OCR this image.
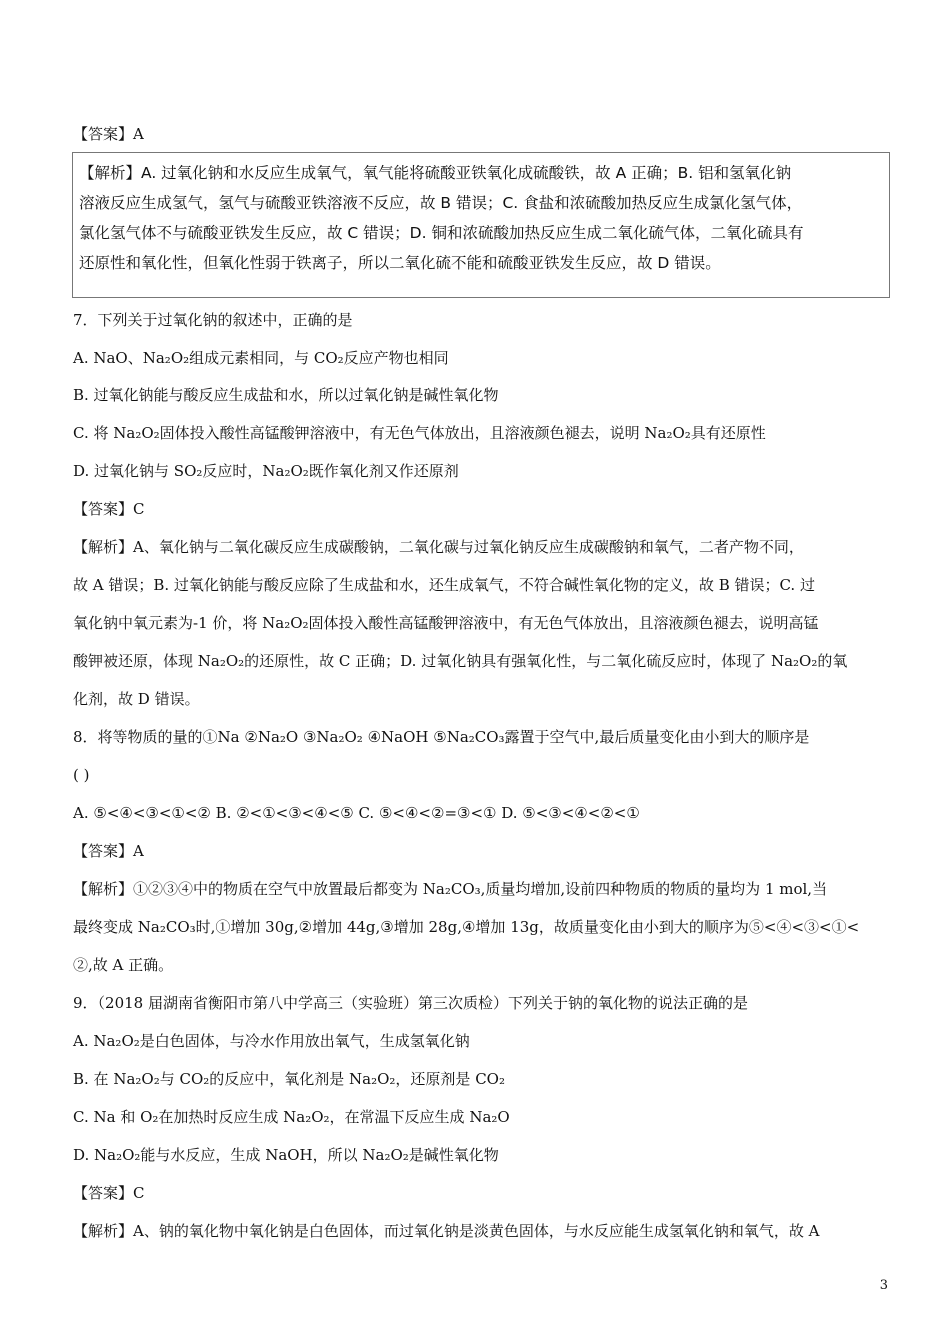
【答案】A
【解析】A. 过氧化钠和水反应生成氧气，氧气能将硫酸亚铁氧化成硫酸铁，故 A 正确；B. 铝和氢氧化钠
溶液反应生成氢气，氢气与硫酸亚铁溶液不反应，故 B 错误；C. 食盐和浓硫酸加热反应生成氯化氢气体，
氯化氢气体不与硫酸亚铁发生反应，故 C 错误；D. 铜和浓硫酸加热反应生成二氧化硫气体，二氧化硫具有
还原性和氧化性，但氧化性弱于铁离子，所以二氧化硫不能和硫酸亚铁发生反应，故 D 错误。
7．下列关于过氧化钠的叙述中，正确的是
A. NaO、Na₂O₂组成元素相同，与 CO₂反应产物也相同
B. 过氧化钠能与酸反应生成盐和水，所以过氧化钠是碱性氧化物
C. 将 Na₂O₂固体投入酸性高锰酸钾溶液中，有无色气体放出，且溶液颜色褪去，说明 Na₂O₂具有还原性
D. 过氧化钠与 SO₂反应时，Na₂O₂既作氧化剂又作还原剂
【答案】C
【解析】A、氧化钠与二氧化碳反应生成碳酸钠，二氧化碳与过氧化钠反应生成碳酸钠和氧气，二者产物不同，
故 A 错误；B. 过氧化钠能与酸反应除了生成盐和水，还生成氧气，不符合碱性氧化物的定义，故 B 错误；C. 过
氧化钠中氧元素为-1 价，将 Na₂O₂固体投入酸性高锰酸钾溶液中，有无色气体放出，且溶液颜色褪去，说明高锰
酸钾被还原，体现 Na₂O₂的还原性，故 C 正确；D. 过氧化钠具有强氧化性，与二氧化硫反应时，体现了 Na₂O₂的氧
化剂，故 D 错误。
8．将等物质的量的①Na ②Na₂O ③Na₂O₂ ④NaOH ⑤Na₂CO₃露置于空气中,最后质量变化由小到大的顺序是
( )
A. ⑤<④<③<①<② B. ②<①<③<④<⑤ C. ⑤<④<②=③<① D. ⑤<③<④<②<①
【答案】A
【解析】①②③④中的物质在空气中放置最后都变为 Na₂CO₃,质量均增加,设前四种物质的物质的量均为 1 mol,当
最终变成 Na₂CO₃时,①增加 30g,②增加 44g,③增加 28g,④增加 13g，故质量变化由小到大的顺序为⑤<④<③<①<
②,故 A 正确。
9．（2018 届湖南省衡阳市第八中学高三（实验班）第三次质检）下列关于钠的氧化物的说法正确的是
A. Na₂O₂是白色固体，与冷水作用放出氧气，生成氢氧化钠
B. 在 Na₂O₂与 CO₂的反应中，氧化剂是 Na₂O₂，还原剂是 CO₂
C. Na 和 O₂在加热时反应生成 Na₂O₂，在常温下反应生成 Na₂O
D. Na₂O₂能与水反应，生成 NaOH，所以 Na₂O₂是碱性氧化物
【答案】C
【解析】A、钠的氧化物中氧化钠是白色固体，而过氧化钠是淡黄色固体，与水反应能生成氢氧化钠和氧气，故 A
3
